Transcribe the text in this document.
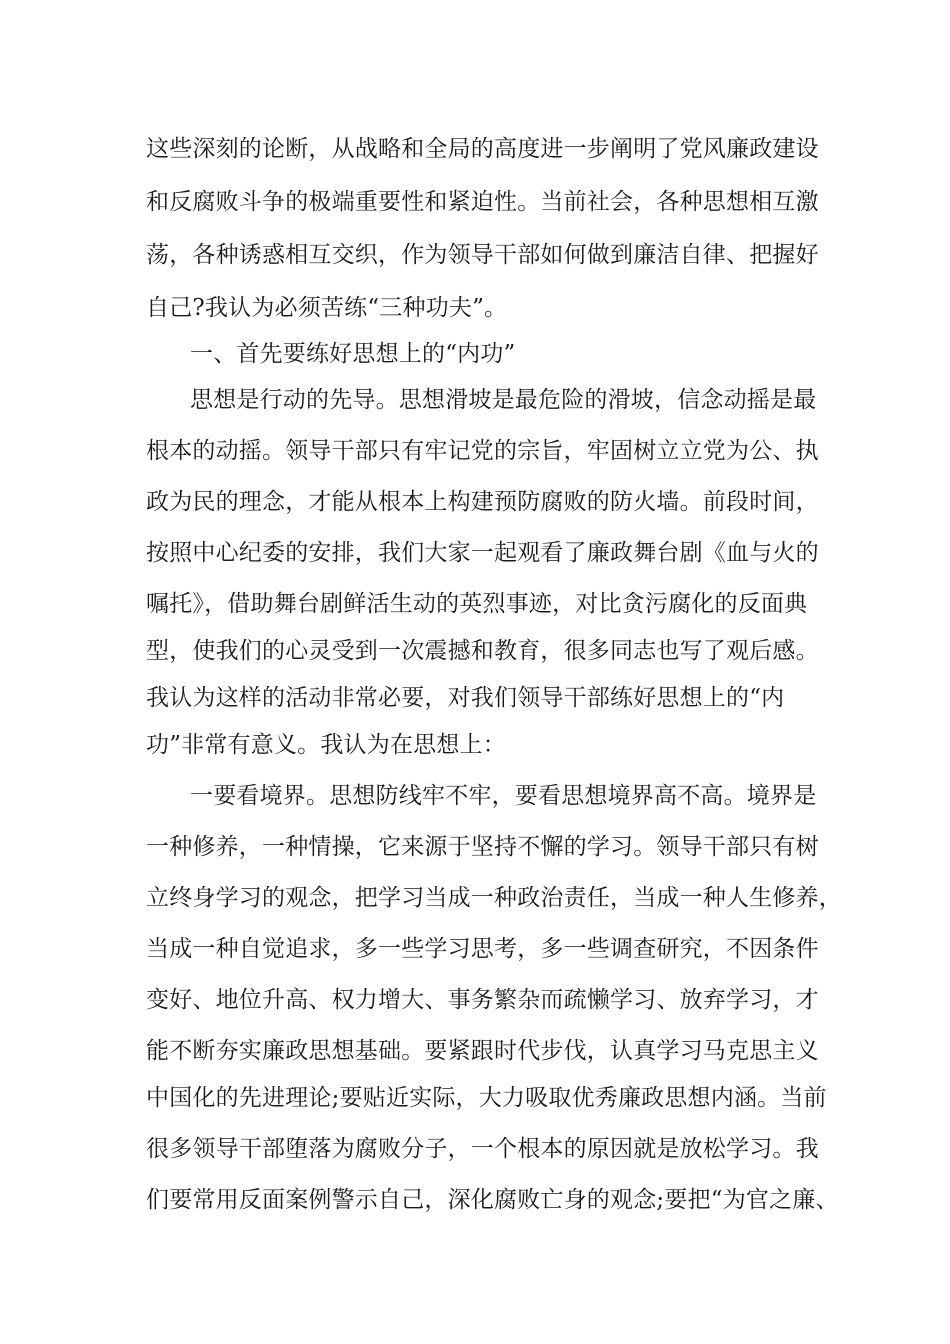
这些深刻的论断，从战略和全局的高度进一步阐明了党风廉政建设
和反腐败斗争的极端重要性和紧迫性。当前社会，各种思想相互激
荡，各种诱惑相互交织，作为领导干部如何做到廉洁自律、把握好
自己?我认为必须苦练“三种功夫”。
一、首先要练好思想上的“内功”
思想是行动的先导。思想滑坡是最危险的滑坡，信念动摇是最
根本的动摇。领导干部只有牢记党的宗旨，牢固树立立党为公、执
政为民的理念，才能从根本上构建预防腐败的防火墙。前段时间，
按照中心纪委的安排，我们大家一起观看了廉政舞台剧《血与火的
嘱托》，借助舞台剧鲜活生动的英烈事迹，对比贪污腐化的反面典
型，使我们的心灵受到一次震撼和教育，很多同志也写了观后感。
我认为这样的活动非常必要，对我们领导干部练好思想上的“内
功”非常有意义。我认为在思想上：
一要看境界。思想防线牢不牢，要看思想境界高不高。境界是
一种修养，一种情操，它来源于坚持不懈的学习。领导干部只有树
立终身学习的观念，把学习当成一种政治责任，当成一种人生修养，
当成一种自觉追求，多一些学习思考，多一些调查研究，不因条件
变好、地位升高、权力增大、事务繁杂而疏懒学习、放弃学习，才
能不断夯实廉政思想基础。要紧跟时代步伐，认真学习马克思主义
中国化的先进理论;要贴近实际，大力吸取优秀廉政思想内涵。当前
很多领导干部堕落为腐败分子，一个根本的原因就是放松学习。我
们要常用反面案例警示自己，深化腐败亡身的观念;要把“为官之廉、
